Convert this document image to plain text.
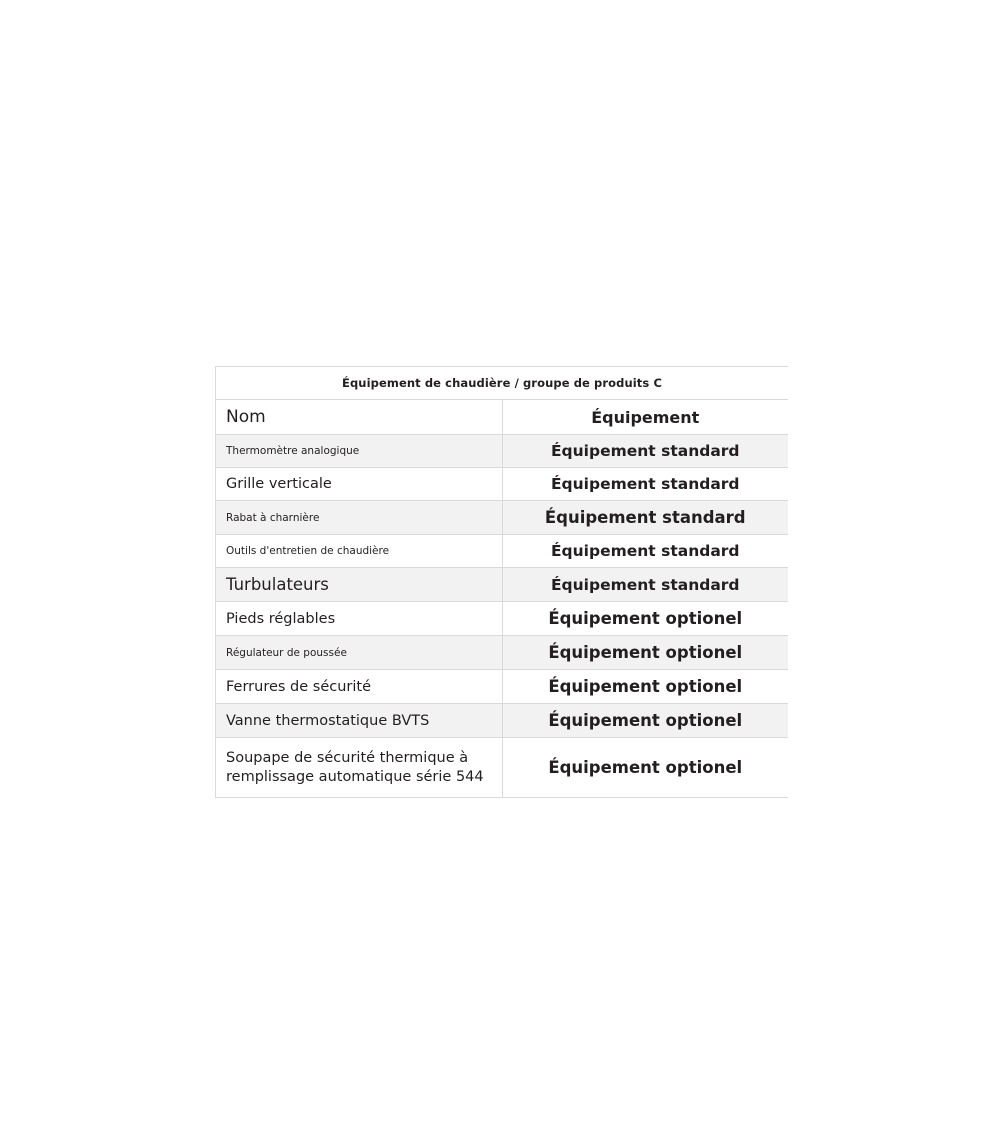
Équipement de chaudière / groupe de produits C	
Nom	Équipement
Thermomètre analogique	Équipement standard
Grille verticale	Équipement standard
Rabat à charnière	Équipement standard
Outils d'entretien de chaudière	Équipement standard
Turbulateurs	Équipement standard
Pieds réglables	Équipement optionel
Régulateur de poussée	Équipement optionel
Ferrures de sécurité	Équipement optionel
Vanne thermostatique BVTS	Équipement optionel
Soupape de sécurité thermique à remplissage automatique série 544	Équipement optionel
